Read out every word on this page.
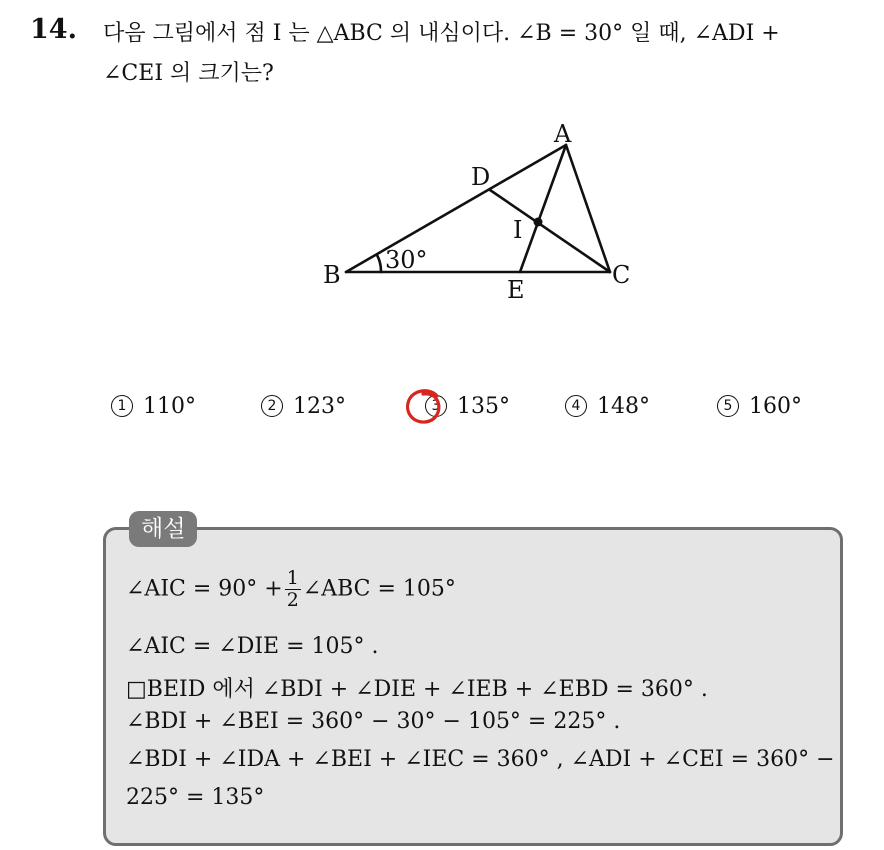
14. 다음 그림에서 점 I 는 △ABC 의 내심이다. ∠B = 30° 일 때, ∠ADI +
∠CEI 의 크기는?
A
B	C
D
E
I
30°
1 110°	2 123°	3 135°	4 148°	5 160°
해설
∠AIC = $90^\circ + \frac{1}{2}$ ∠ABC = 105°
∠AIC = ∠DIE = 105° .
□BEID 에서 ∠BDI + ∠DIE + ∠IEB + ∠EBD = 360° .
∠BDI + ∠BEI = 360° − 30° − 105° = 225° .
∠BDI + ∠IDA + ∠BEI + ∠IEC = 360° , ∠ADI + ∠CEI = 360° −
225° = 135°
